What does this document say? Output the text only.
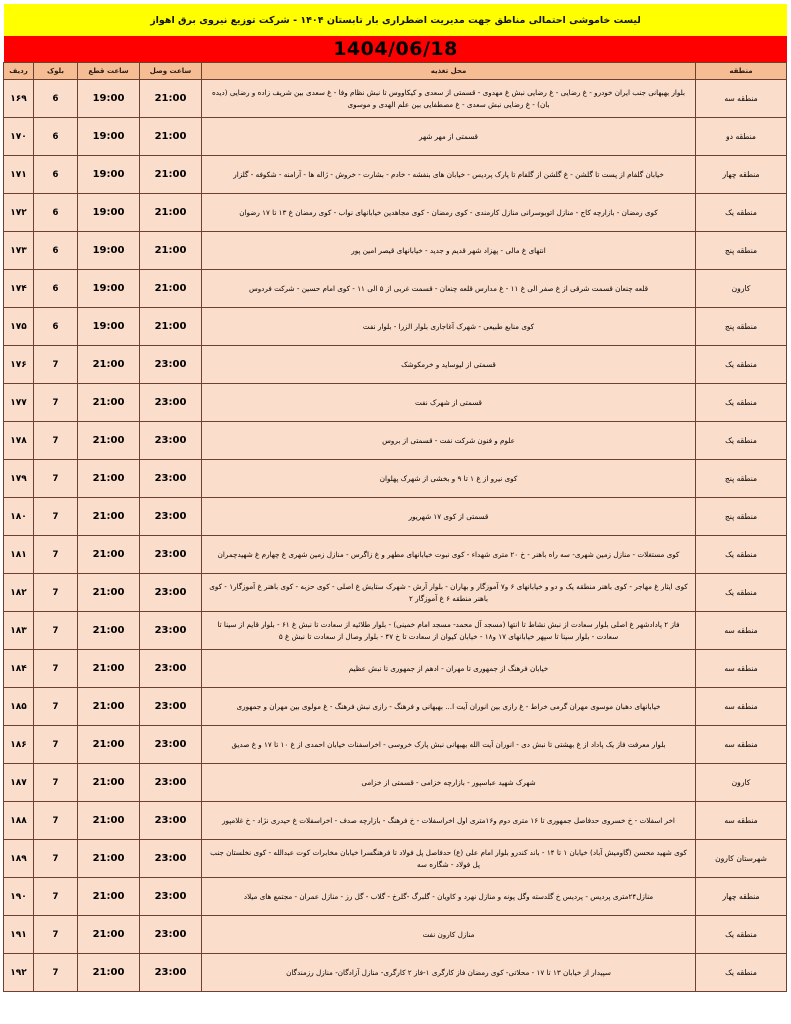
لیست خاموشی احتمالی مناطق جهت مدیریت اضطراری بار تابستان ۱۴۰۴ - شرکت توزیع نیروی برق اهواز
1404/06/18
منطقه	محل تغذیه	ساعت وصل	ساعت قطع	بلوک	ردیف
منطقه سه	بلوار بهبهانی جنب ایران خودرو - غ رضایی - غ رضایی نبش غ مهدوی - قسمتی از سعدی و کیکاووس تا نبش نظام وفا - غ سعدی بین شریف زاده و رضایی (دیده بان) - غ رضایی نبش سعدی - غ مصطفایی بین علم الهدی و موسوی	21:00	19:00	6	۱۶۹
منطقه دو	قسمتی از مهر شهر	21:00	19:00	6	۱۷۰
منطقه چهار	خیابان گلفام از پست تا گلشن - غ گلشن از گلفام تا پارک پردیس - خیابان های بنفشه - خادم - بشارت - خروش - ژاله ها - آرامنه - شکوفه - گلزار	21:00	19:00	6	۱۷۱
منطقه یک	کوی رمضان - بازارچه کاج - منازل اتوبوسرانی منازل کارمندی - کوی رمضان - کوی مجاهدین خیابانهای نواب - کوی رمضان غ ۱۳ تا ۱۷ رضوان	21:00	19:00	6	۱۷۲
منطقه پنج	انتهای غ مالی - پهزاد شهر قدیم و جدید - خیابانهای قیصر امین پور	21:00	19:00	6	۱۷۳
کارون	قلعه چنعان قسمت شرقی از غ صفر الی غ ۱۱ - غ مدارس قلعه چنعان - قسمت غربی از ۵ الی ۱۱ - کوی امام حسین - شرکت فردوس	21:00	19:00	6	۱۷۴
منطقه پنج	کوی منابع طبیعی - شهرک آغاجاری بلوار الزرا - بلوار نفت	21:00	19:00	6	۱۷۵
منطقه یک	قسمتی از لیوساید و خرمکوشک	23:00	21:00	7	۱۷۶
منطقه یک	قسمتی از شهرک نفت	23:00	21:00	7	۱۷۷
منطقه یک	علوم و فنون شرکت نفت - قسمتی از بروس	23:00	21:00	7	۱۷۸
منطقه پنج	کوی نیرو از غ ۱ تا ۹ و بخشی از شهرک پهلوان	23:00	21:00	7	۱۷۹
منطقه پنج	قسمتی از کوی ۱۷ شهریور	23:00	21:00	7	۱۸۰
منطقه یک	کوی مستغلات - منازل زمین شهری- سه راه باهنر - خ ۲۰ متری شهداء - کوی نبوت خیابانهای مطهر و غ زاگرس - منازل زمین شهری غ چهارم غ شهیدچمران	23:00	21:00	7	۱۸۱
منطقه یک	کوی ایثار غ مهاجر - کوی باهنر منطقه یک و دو و خیابانهای ۶ و۷ آموزگار و بهاران - بلوار آرش - شهرک ستایش غ اصلی - کوی حزبه - کوی باهنر غ آموزگار۱ - کوی باهنر منطقه ۶ غ آموزگار ۲	23:00	21:00	7	۱۸۲
منطقه سه	فاز ۲ پادادشهر غ اصلی بلوار سعادت از نبش نشاط تا انتها (مسجد آل محمد- مسجد امام خمینی) - بلوار طلائیه از سعادت تا نبش غ ۶۱ - بلوار قایم از سینا تا سعادت - بلوار سینا تا سپهر خیابانهای ۱۷ و۱۸ - خیابان کیوان از سعادت تا خ ۴۷ - بلوار وصال از سعادت تا نبش غ ۵	23:00	21:00	7	۱۸۳
منطقه سه	خیابان فرهنگ از جمهوری تا مهران - ادهم از جمهوری تا نبش عظیم	23:00	21:00	7	۱۸۴
منطقه سه	خیابانهای دهبان موسوی مهران گرمی خراط - غ رازی بین انوران آیت ا... بهبهانی و فرهنگ - رازی نبش فرهنگ - غ مولوی بین مهران و جمهوری	23:00	21:00	7	۱۸۵
منطقه سه	بلوار معرفت فاز یک پاداد از غ بهشتی تا نبش دی - انوران آیت الله بهبهانی نبش پارک خروسی - اخراسفنات خیابان احمدی از غ ۱۰ تا ۱۷ و غ صدیق	23:00	21:00	7	۱۸۶
کارون	شهرک شهید عباسپور - بازارچه خزامی - قسمتی از خزامی	23:00	21:00	7	۱۸۷
منطقه سه	اخر اسفلات - خ خسروی حدفاصل جمهوری تا ۱۶ متری دوم و۱۶متری اول اخراسفلات - خ فرهنگ - بازارچه صدف - اخراسفلات غ حیدری نژاد - خ غلامپور	23:00	21:00	7	۱۸۸
شهرستان کارون	کوی شهید محسن (گاومیش آباد) خیابان ۱ تا ۱۴ - باند کندرو بلوار امام علی (ع) حدفاصل پل فولاد تا فرهنگسرا خیابان مخابرات کوت عبدالله - کوی نخلستان جنب پل فولاد - شگاره سه	23:00	21:00	7	۱۸۹
منطقه چهار	منازل۲۴متری پردیس - پردیس خ گلدسته وگل پونه و منازل نهرد و کاویان - گلبرگ -گلرخ - گلاب - گل رز - منازل عمران - مجتمع های میلاد	23:00	21:00	7	۱۹۰
منطقه یک	منازل کارون نفت	23:00	21:00	7	۱۹۱
منطقه یک	سپیدار از خیابان ۱۳ تا ۱۷ - محلاتی- کوی رمضان فاز کارگری ۱-فاز ۲ کارگری- منازل آزادگان- منازل رزمندگان	23:00	21:00	7	۱۹۲
